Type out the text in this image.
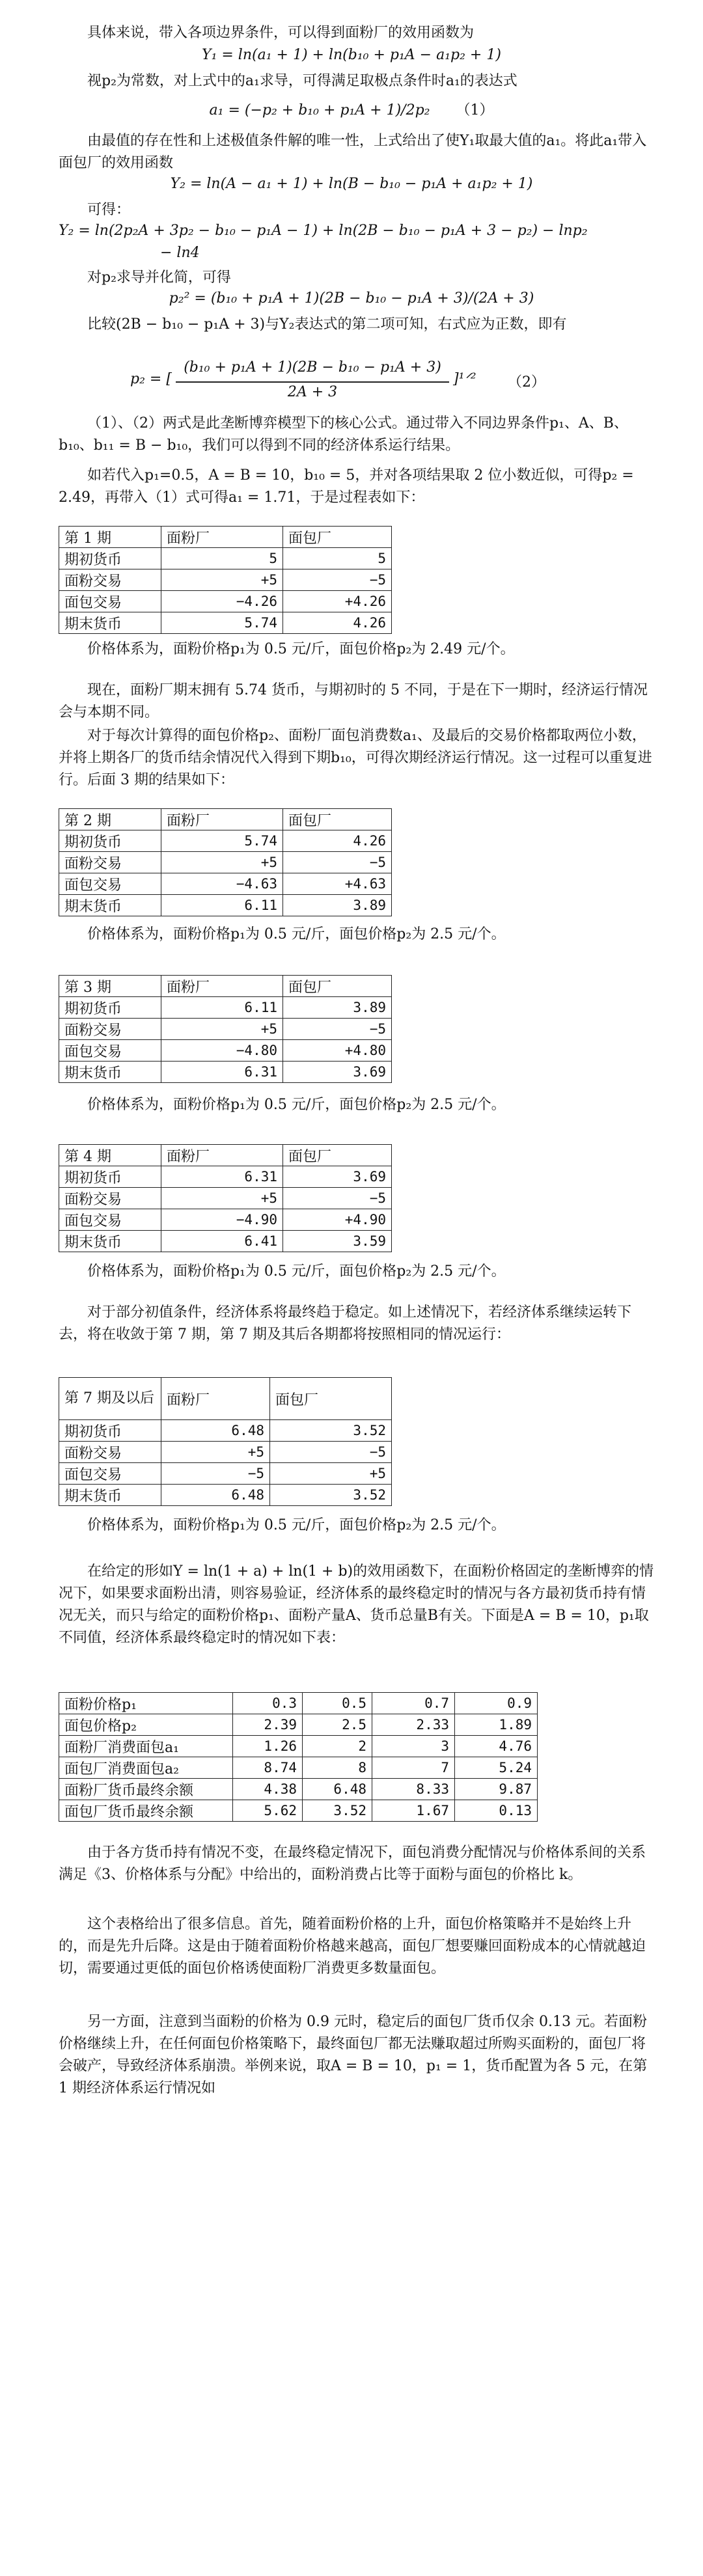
具体来说，带入各项边界条件，可以得到面粉厂的效用函数为

Y₁ = ln(a₁ + 1) + ln(b₁₀ + p₁A − a₁p₂ + 1)

视p₂为常数，对上式中的a₁求导，可得满足取极点条件时a₁的表达式

a₁ = (−p₂ + b₁₀ + p₁A + 1)/2p₂ （1）

由最值的存在性和上述极值条件解的唯一性，上式给出了使Y₁取最大值的a₁。将此a₁带入面包厂的效用函数

Y₂ = ln(A − a₁ + 1) + ln(B − b₁₀ − p₁A + a₁p₂ + 1)

可得：

Y₂ = ln(2p₂A + 3p₂ − b₁₀ − p₁A − 1) + ln(2B − b₁₀ − p₁A + 3 − p₂) − lnp₂

− ln4

对p₂求导并化简，可得

p₂² = (b₁₀ + p₁A + 1)(2B − b₁₀ − p₁A + 3)/(2A + 3)

比较(2B − b₁₀ − p₁A + 3)与Y₂表达式的第二项可知，右式应为正数，即有

p₂ = [
(b₁₀ + p₁A + 1)(2B − b₁₀ − p₁A + 3)
2A + 3
]¹ᐟ² （2）

（1）、（2）两式是此垄断博弈模型下的核心公式。通过带入不同边界条件p₁、A、B、b₁₀、b₁₁ = B − b₁₀，我们可以得到不同的经济体系运行结果。

如若代入p₁=0.5，A = B = 10，b₁₀ = 5，并对各项结果取 2 位小数近似，可得p₂ = 2.49，再带入（1）式可得a₁ = 1.71，于是过程表如下：

第 1 期	面粉厂	面包厂
期初货币	5	5
面粉交易	+5	−5
面包交易	−4.26	+4.26
期末货币	5.74	4.26

价格体系为，面粉价格p₁为 0.5 元/斤，面包价格p₂为 2.49 元/个。

现在，面粉厂期末拥有 5.74 货币，与期初时的 5 不同，于是在下一期时，经济运行情况会与本期不同。

对于每次计算得的面包价格p₂、面粉厂面包消费数a₁、及最后的交易价格都取两位小数，并将上期各厂的货币结余情况代入得到下期b₁₀，可得次期经济运行情况。这一过程可以重复进行。后面 3 期的结果如下：

第 2 期	面粉厂	面包厂
期初货币	5.74	4.26
面粉交易	+5	−5
面包交易	−4.63	+4.63
期末货币	6.11	3.89

价格体系为，面粉价格p₁为 0.5 元/斤，面包价格p₂为 2.5 元/个。

第 3 期	面粉厂	面包厂
期初货币	6.11	3.89
面粉交易	+5	−5
面包交易	−4.80	+4.80
期末货币	6.31	3.69

价格体系为，面粉价格p₁为 0.5 元/斤，面包价格p₂为 2.5 元/个。

第 4 期	面粉厂	面包厂
期初货币	6.31	3.69
面粉交易	+5	−5
面包交易	−4.90	+4.90
期末货币	6.41	3.59

价格体系为，面粉价格p₁为 0.5 元/斤，面包价格p₂为 2.5 元/个。

对于部分初值条件，经济体系将最终趋于稳定。如上述情况下，若经济体系继续运转下去，将在收敛于第 7 期，第 7 期及其后各期都将按照相同的情况运行：

第 7 期及以后	面粉厂	面包厂
期初货币	6.48	3.52
面粉交易	+5	−5
面包交易	−5	+5
期末货币	6.48	3.52

价格体系为，面粉价格p₁为 0.5 元/斤，面包价格p₂为 2.5 元/个。

在给定的形如Y = ln(1 + a) + ln(1 + b)的效用函数下，在面粉价格固定的垄断博弈的情况下，如果要求面粉出清，则容易验证，经济体系的最终稳定时的情况与各方最初货币持有情况无关，而只与给定的面粉价格p₁、面粉产量A、货币总量B有关。下面是A = B = 10，p₁取不同值，经济体系最终稳定时的情况如下表：

面粉价格p₁	0.3	0.5	0.7	0.9
面包价格p₂	2.39	2.5	2.33	1.89
面粉厂消费面包a₁	1.26	2	3	4.76
面包厂消费面包a₂	8.74	8	7	5.24
面粉厂货币最终余额	4.38	6.48	8.33	9.87
面包厂货币最终余额	5.62	3.52	1.67	0.13

由于各方货币持有情况不变，在最终稳定情况下，面包消费分配情况与价格体系间的关系满足《3、价格体系与分配》中给出的，面粉消费占比等于面粉与面包的价格比 k。

这个表格给出了很多信息。首先，随着面粉价格的上升，面包价格策略并不是始终上升的，而是先升后降。这是由于随着面粉价格越来越高，面包厂想要赚回面粉成本的心情就越迫切，需要通过更低的面包价格诱使面粉厂消费更多数量面包。

另一方面，注意到当面粉的价格为 0.9 元时，稳定后的面包厂货币仅余 0.13 元。若面粉价格继续上升，在任何面包价格策略下，最终面包厂都无法赚取超过所购买面粉的，面包厂将会破产，导致经济体系崩溃。举例来说，取A = B = 10，p₁ = 1，货币配置为各 5 元，在第 1 期经济体系运行情况如
